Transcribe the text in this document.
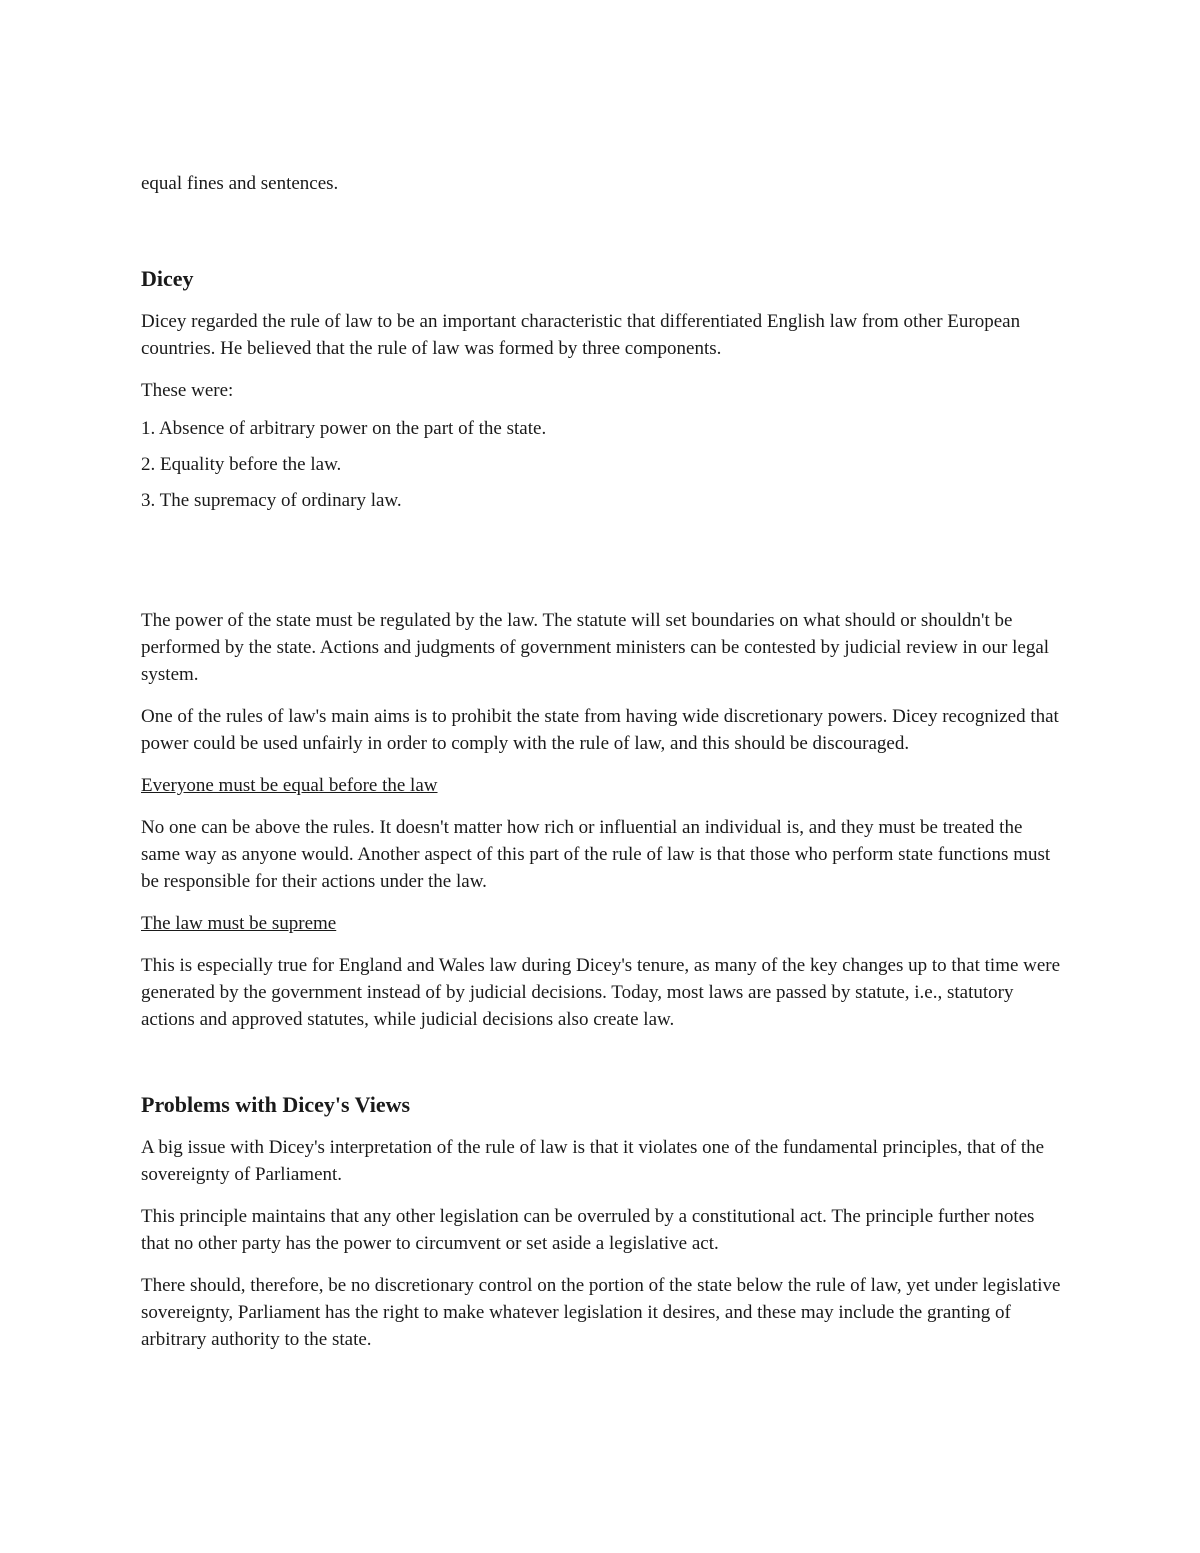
equal fines and sentences.

Dicey

Dicey regarded the rule of law to be an important characteristic that differentiated English law from other European countries. He believed that the rule of law was formed by three components.

These were:

1. Absence of arbitrary power on the part of the state.

2. Equality before the law.

3. The supremacy of ordinary law.

The power of the state must be regulated by the law. The statute will set boundaries on what should or shouldn't be performed by the state. Actions and judgments of government ministers can be contested by judicial review in our legal system.

One of the rules of law's main aims is to prohibit the state from having wide discretionary powers. Dicey recognized that power could be used unfairly in order to comply with the rule of law, and this should be discouraged.

Everyone must be equal before the law

No one can be above the rules. It doesn't matter how rich or influential an individual is, and they must be treated the same way as anyone would. Another aspect of this part of the rule of law is that those who perform state functions must be responsible for their actions under the law.

The law must be supreme

This is especially true for England and Wales law during Dicey's tenure, as many of the key changes up to that time were generated by the government instead of by judicial decisions. Today, most laws are passed by statute, i.e., statutory actions and approved statutes, while judicial decisions also create law.

Problems with Dicey's Views

A big issue with Dicey's interpretation of the rule of law is that it violates one of the fundamental principles, that of the sovereignty of Parliament.

This principle maintains that any other legislation can be overruled by a constitutional act. The principle further notes that no other party has the power to circumvent or set aside a legislative act.

There should, therefore, be no discretionary control on the portion of the state below the rule of law, yet under legislative sovereignty, Parliament has the right to make whatever legislation it desires, and these may include the granting of arbitrary authority to the state.
